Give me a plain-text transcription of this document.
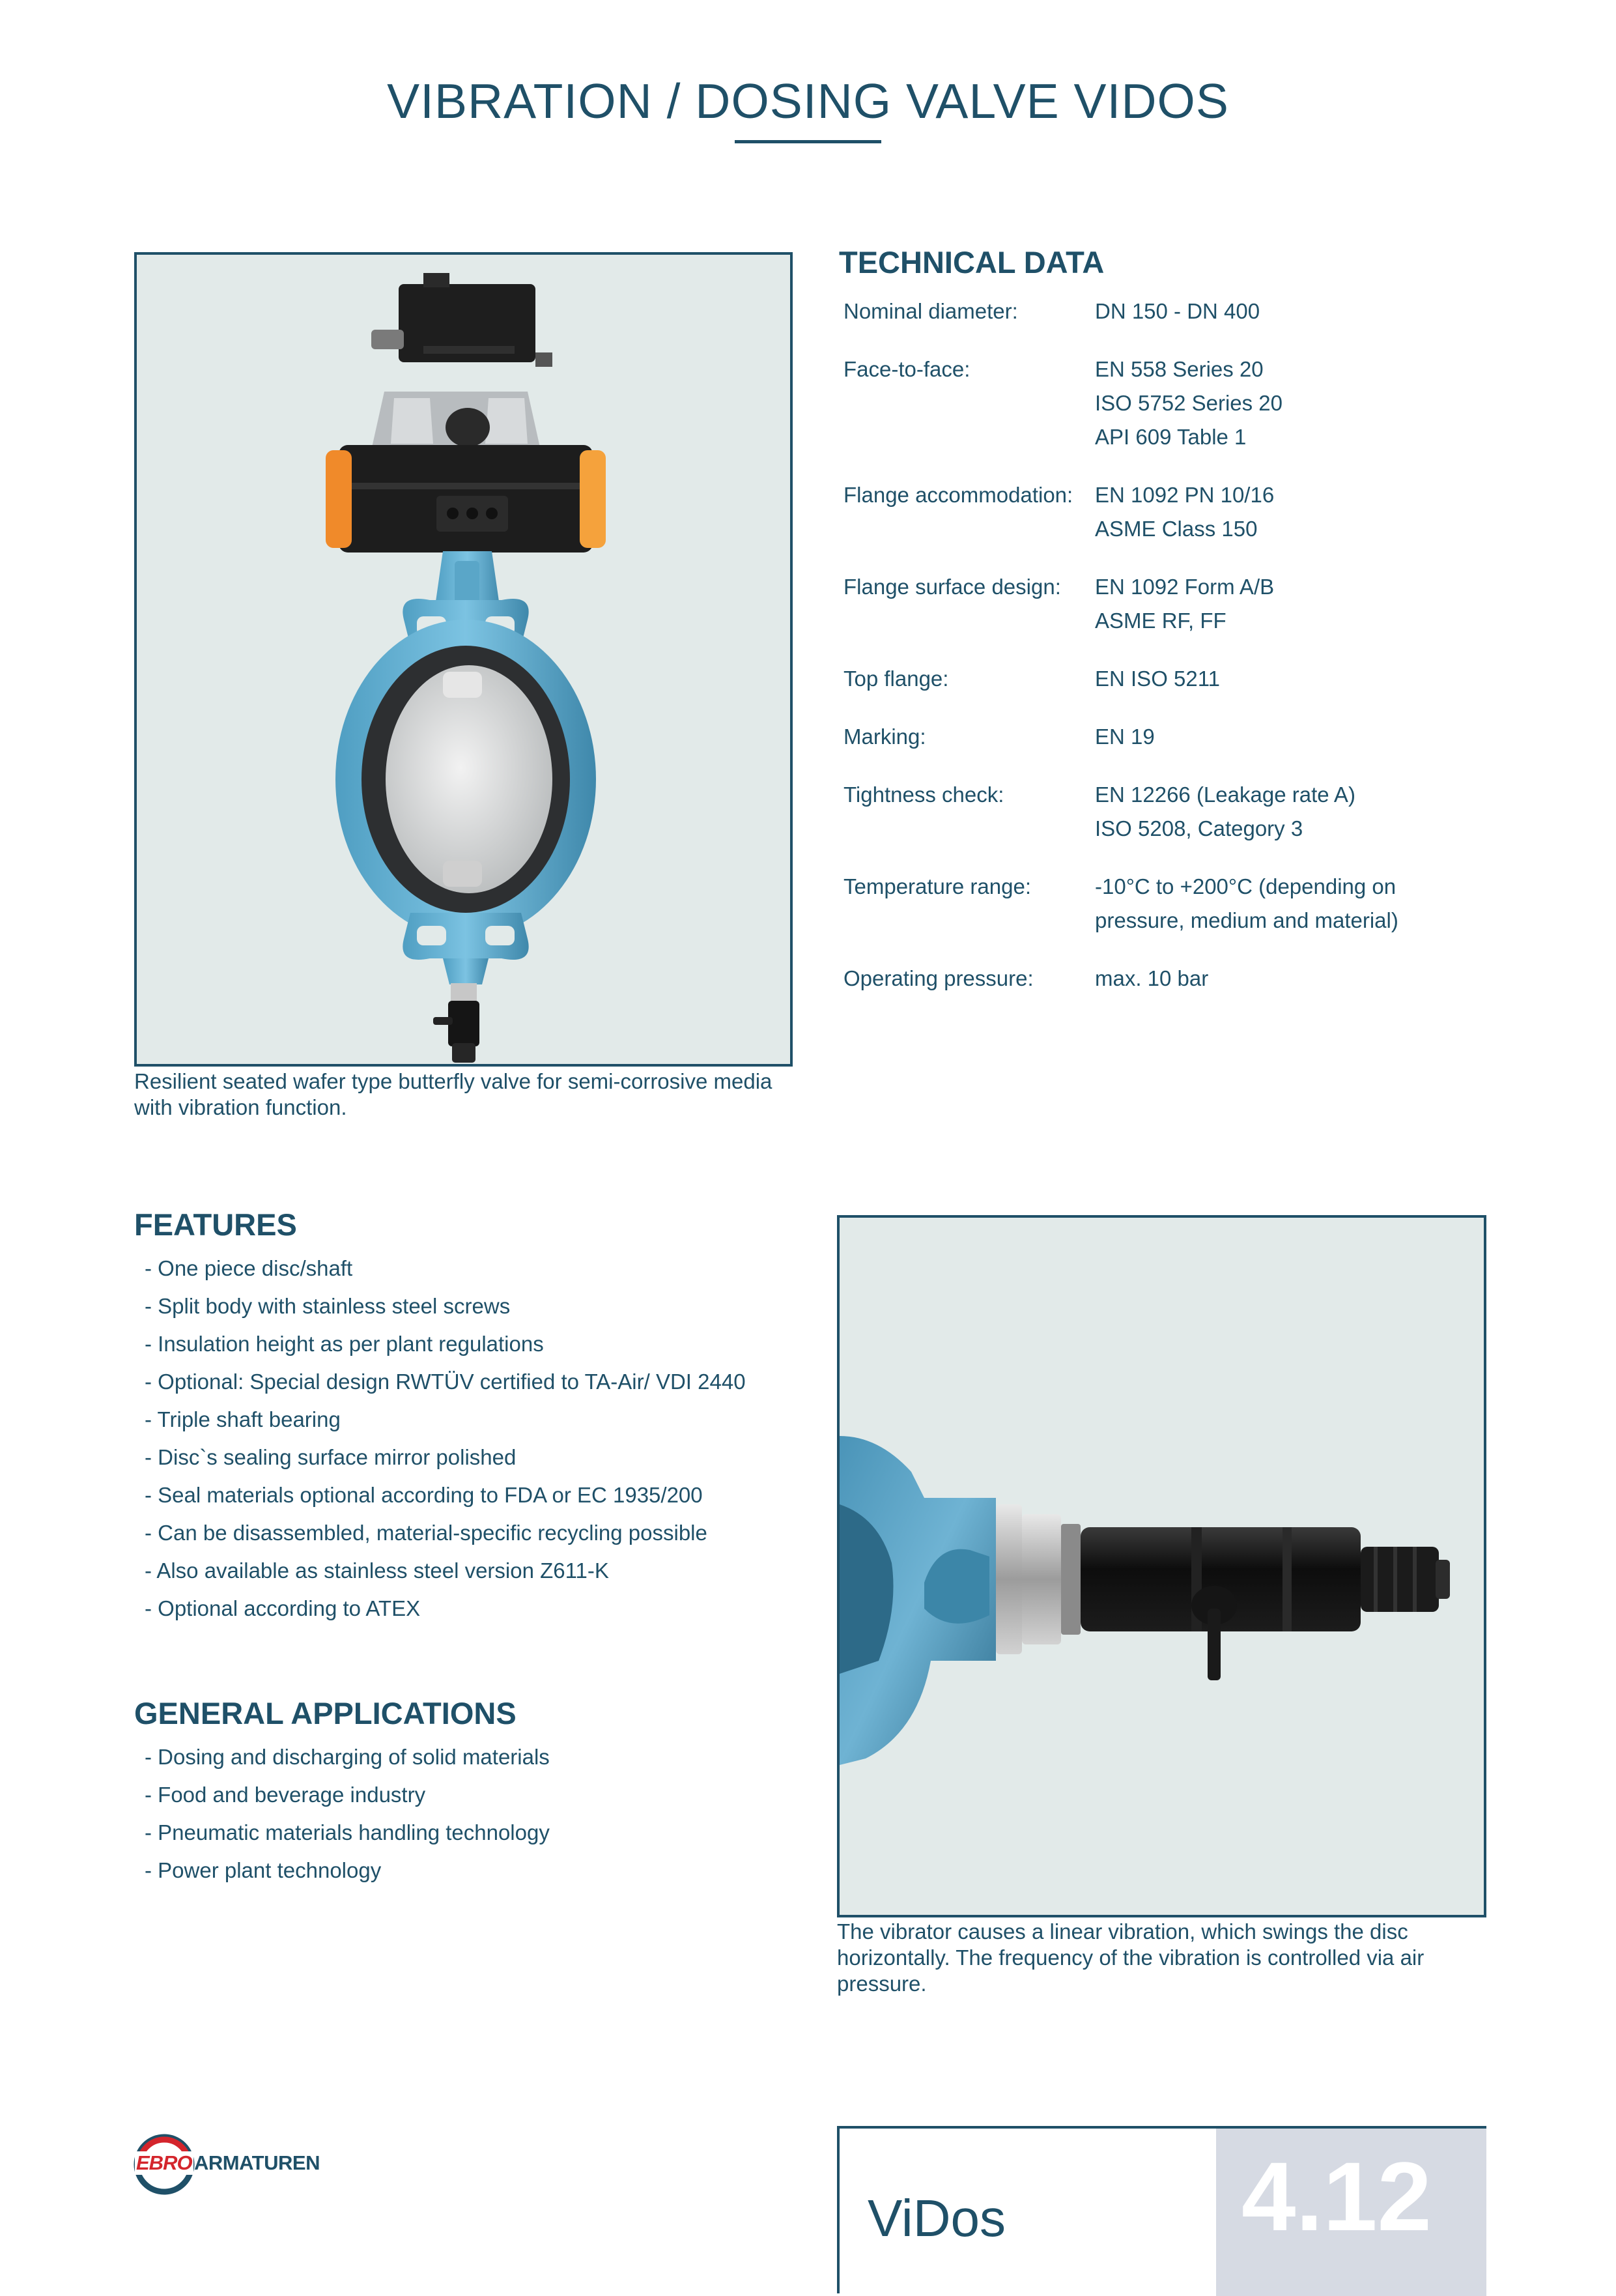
VIBRATION / DOSING VALVE VIDOS
Resilient seated wafer type butterfly valve for semi-corrosive media
with vibration function.
TECHNICAL DATA
Nominal diameter:	DN 150 - DN 400
Face-to-face:	EN 558 Series 20
ISO 5752 Series 20
API 609 Table 1
Flange accommodation:	EN 1092 PN 10/16
ASME Class 150
Flange surface design:	EN 1092 Form A/B
ASME RF, FF
Top flange:	EN ISO 5211
Marking:	EN 19
Tightness check:	EN 12266 (Leakage rate A)
ISO 5208, Category 3
Temperature range:	-10°C to +200°C (depending on
pressure, medium and material)
Operating pressure:	max. 10 bar
FEATURES
- One piece disc/shaft
- Split body with stainless steel screws
- Insulation height as per plant regulations
- Optional: Special design RWTÜV certified to TA-Air/ VDI 2440
- Triple shaft bearing
- Disc`s sealing surface mirror polished
- Seal materials optional according to FDA or EC 1935/200
- Can be disassembled, material-specific recycling possible
- Also available as stainless steel version Z611-K
- Optional according to ATEX
GENERAL APPLICATIONS
- Dosing and discharging of solid materials
- Food and beverage industry
- Pneumatic materials handling technology
- Power plant technology
The vibrator causes a linear vibration, which swings the disc
horizontally. The frequency of the vibration is controlled via air
pressure.
EBRO ARMATUREN
ViDos 4.12
